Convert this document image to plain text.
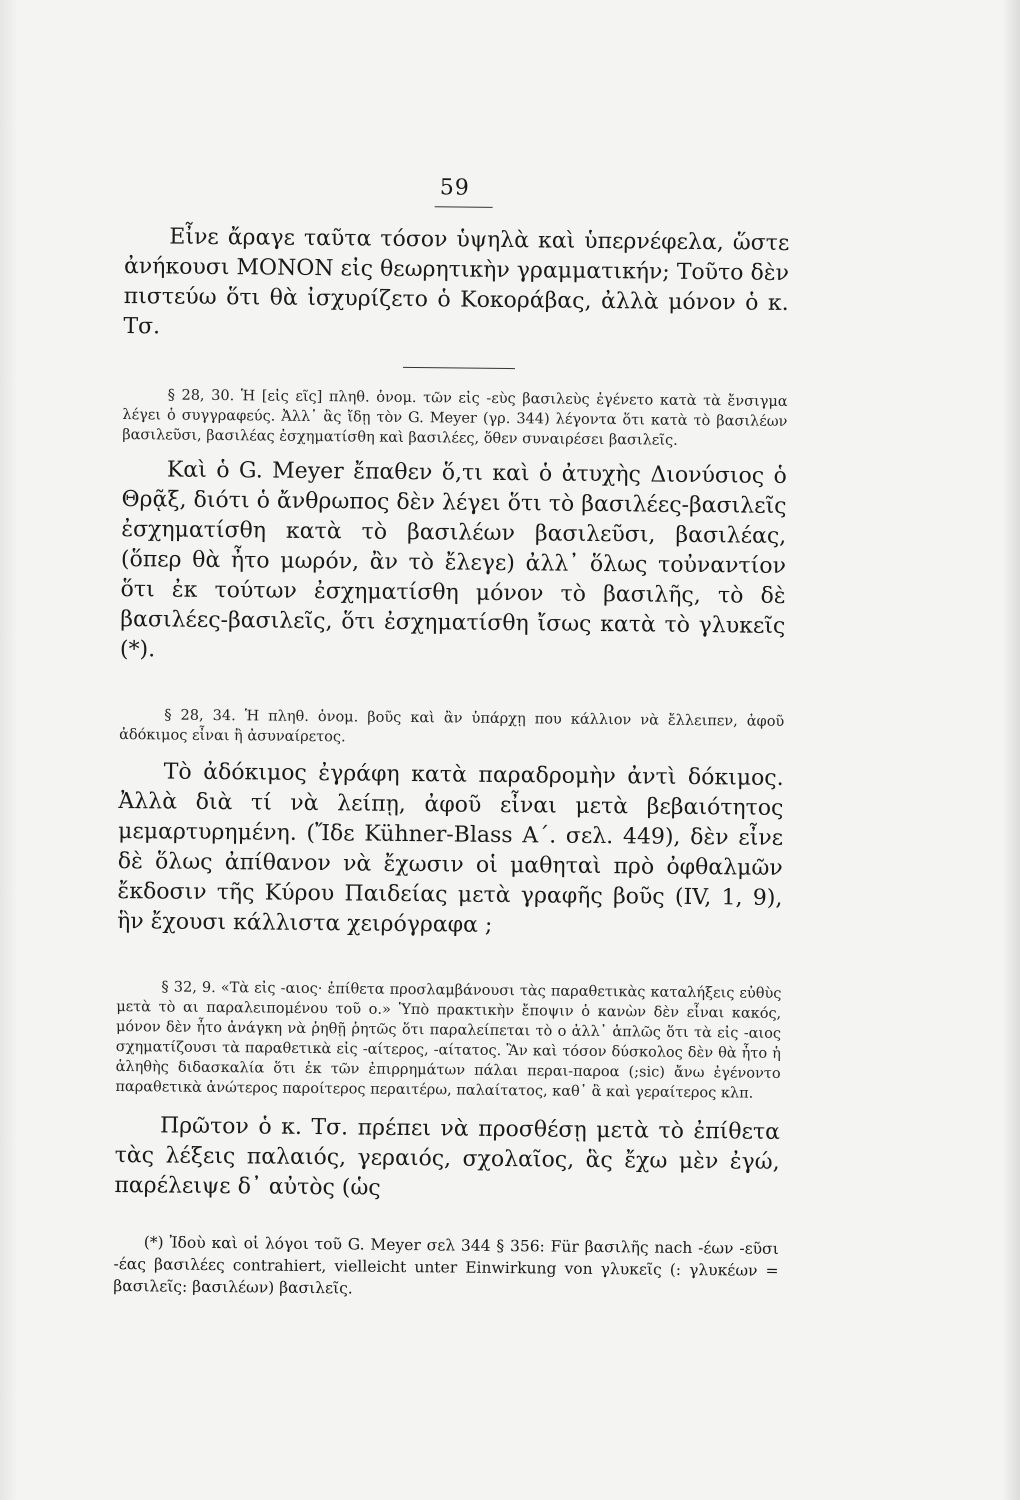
59

Εἶνε ἄραγε ταῦτα τόσον ὑψηλὰ καὶ ὑπερνέφελα, ὥστε ἀνήκουσι ΜΟΝΟΝ εἰς θεωρητικὴν γραμματικήν; Τοῦτο δὲν πιστεύω ὅτι θὰ ἰσχυρίζετο ὁ Κοκοράβας, ἀλλὰ μόνον ὁ κ. Τσ.

§ 28, 30. Ἡ [εἰς εῖς] πληθ. ὀνομ. τῶν εἰς -εὺς βασιλεὺς ἐγένετο κατὰ τὰ ἔνσιγμα λέγει ὁ συγγραφεύς. Ἀλλ᾽ ἂς ἴδῃ τὸν G. Meyer (γρ. 344) λέγοντα ὅτι κατὰ τὸ βασιλέων βασιλεῦσι, βασιλέας ἐσχηματίσθη καὶ βασιλέες, ὅθεν συναιρέσει βασιλεῖς.

Καὶ ὁ G. Meyer ἔπαθεν ὅ,τι καὶ ὁ ἀτυχὴς Διονύσιος ὁ Θρᾷξ, διότι ὁ ἄνθρωπος δὲν λέγει ὅτι τὸ βασιλέες-βασιλεῖς ἐσχηματίσθη κατὰ τὸ βασιλέων βασιλεῦσι, βασιλέας, (ὅπερ θὰ ἦτο μωρόν, ἂν τὸ ἔλεγε) ἀλλ᾽ ὅλως τοὐναντίον ὅτι ἐκ τούτων ἐσχηματίσθη μόνον τὸ βασιλῆς, τὸ δὲ βασιλέες-βασιλεῖς, ὅτι ἐσχηματίσθη ἴσως κατὰ τὸ γλυκεῖς (*).

§ 28, 34. Ἡ πληθ. ὀνομ. βοῦς καὶ ἂν ὑπάρχῃ που κάλλιον νὰ ἔλλειπεν, ἀφοῦ ἀδόκιμος εἶναι ἢ ἀσυναίρετος.

Τὸ ἀδόκιμος ἐγράφη κατὰ παραδρομὴν ἀντὶ δόκιμος. Ἀλλὰ διὰ τί νὰ λείπῃ, ἀφοῦ εἶναι μετὰ βεβαιότητος μεμαρτυρημένη. (Ἴδε Kühner-Blass Α΄. σελ. 449), δὲν εἶνε δὲ ὅλως ἀπίθανον νὰ ἔχωσιν οἱ μαθηταὶ πρὸ ὀφθαλμῶν ἔκδοσιν τῆς Κύρου Παιδείας μετὰ γραφῆς βοῦς (IV, 1, 9), ἣν ἔχουσι κάλλιστα χειρόγραφα ;

§ 32, 9. «Τὰ εἰς -αιος· ἐπίθετα προσλαμβάνουσι τὰς παραθετικὰς καταλήξεις εὐθὺς μετὰ τὸ αι παραλειπομένου τοῦ ο.» Ὑπὸ πρακτικὴν ἔποψιν ὁ κανὼν δὲν εἶναι κακός, μόνον δὲν ἦτο ἀνάγκη νὰ ῥηθῇ ῥητῶς ὅτι παραλείπεται τὸ ο ἀλλ᾽ ἁπλῶς ὅτι τὰ εἰς -αιος σχηματίζουσι τὰ παραθετικὰ εἰς -αίτερος, -αίτατος. Ἂν καὶ τόσον δύσκολος δὲν θὰ ἦτο ἡ ἀληθὴς διδασκαλία ὅτι ἐκ τῶν ἐπιρρημάτων πάλαι περαι-παροα (;sic) ἄνω ἐγένοντο παραθετικὰ ἀνώτερος παροίτερος περαιτέρω, παλαίτατος, καθ᾽ ἃ καὶ γεραίτερος κλπ.

Πρῶτον ὁ κ. Τσ. πρέπει νὰ προσθέσῃ μετὰ τὸ ἐπίθετα τὰς λέξεις παλαιός, γεραιός, σχολαῖος, ἃς ἔχω μὲν ἐγώ, παρέλειψε δ᾽ αὐτὸς (ὡς

(*) Ἰδοὺ καὶ οἱ λόγοι τοῦ G. Meyer σελ 344 § 356: Für βασιλῆς nach -έων -εῦσι -έας βασιλέες contrahiert, vielleicht unter Einwirkung von γλυκεῖς (: γλυκέων = βασιλεῖς: βασιλέων) βασιλεῖς.
